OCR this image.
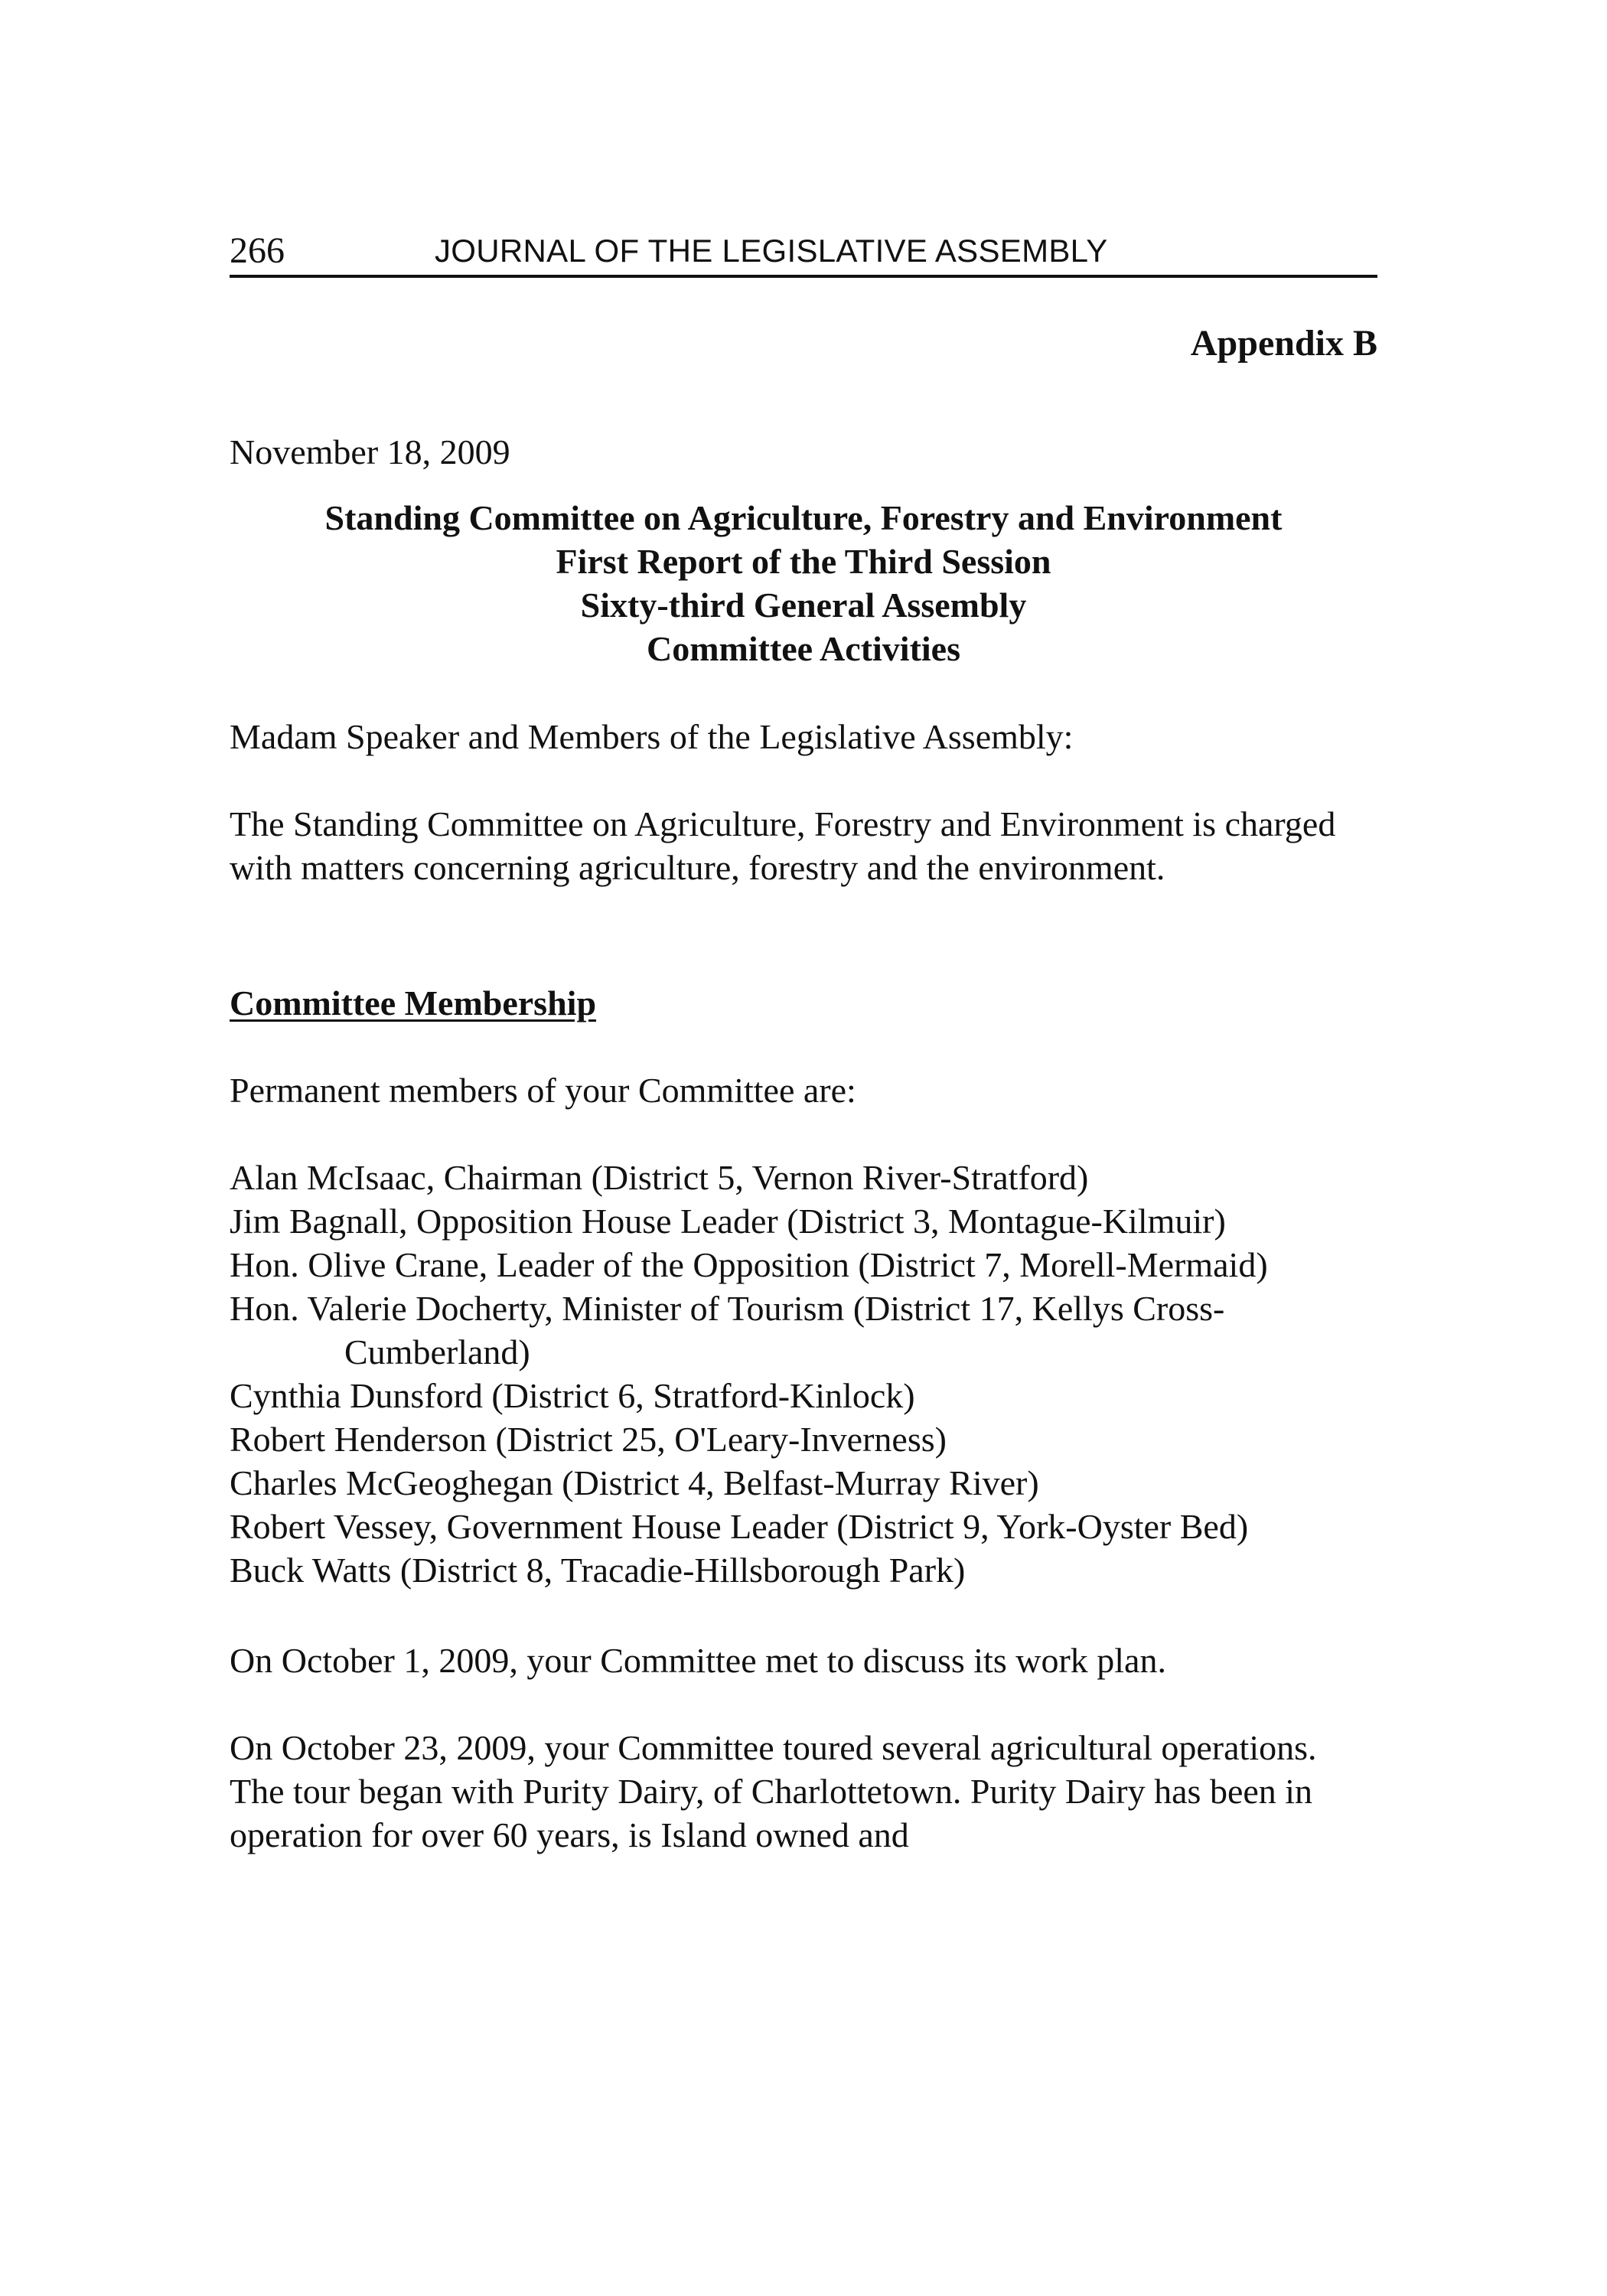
266	JOURNAL OF THE LEGISLATIVE ASSEMBLY
Appendix B

November 18, 2009

Standing Committee on Agriculture, Forestry and Environment
First Report of the Third Session
Sixty-third General Assembly
Committee Activities

Madam Speaker and Members of the Legislative Assembly:

The Standing Committee on Agriculture, Forestry and Environment is charged with matters concerning agriculture, forestry and the environment.

Committee Membership

Permanent members of your Committee are:

Alan McIsaac, Chairman (District 5, Vernon River-Stratford)
Jim Bagnall, Opposition House Leader (District 3, Montague-Kilmuir)
Hon. Olive Crane, Leader of the Opposition (District 7, Morell-Mermaid)
Hon. Valerie Docherty, Minister of Tourism (District 17, Kellys Cross-Cumberland)
Cynthia Dunsford (District 6, Stratford-Kinlock)
Robert Henderson (District 25, O'Leary-Inverness)
Charles McGeoghegan (District 4, Belfast-Murray River)
Robert Vessey, Government House Leader (District 9, York-Oyster Bed)
Buck Watts (District 8, Tracadie-Hillsborough Park)

On October 1, 2009, your Committee met to discuss its work plan.

On October 23, 2009, your Committee toured several agricultural operations. The tour began with Purity Dairy, of Charlottetown. Purity Dairy has been in operation for over 60 years, is Island owned and
